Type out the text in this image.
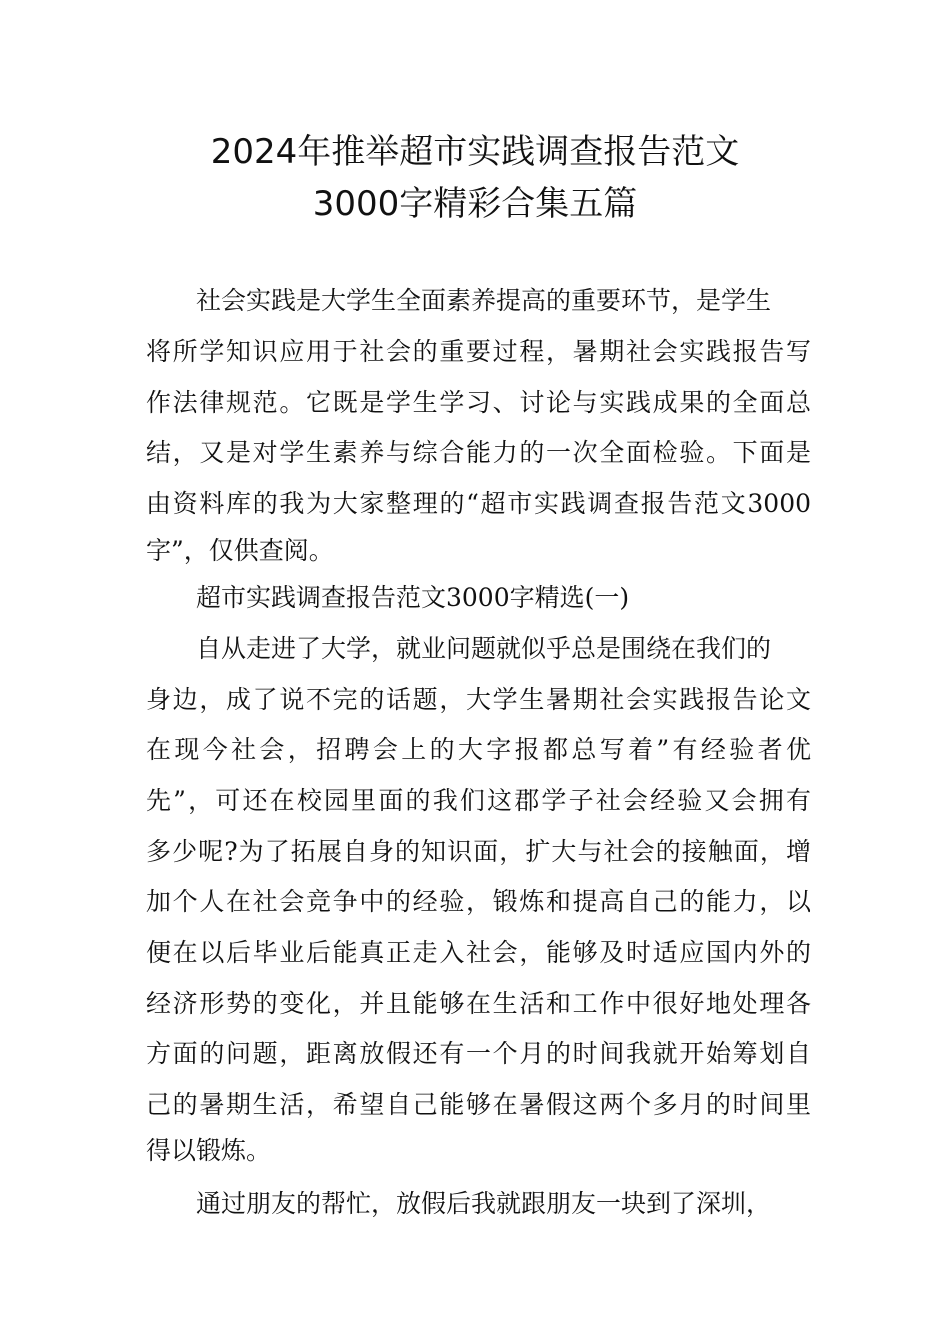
2024年推举超市实践调查报告范文
3000字精彩合集五篇

社会实践是大学生全面素养提高的重要环节，是学生

将所学知识应用于社会的重要过程，暑期社会实践报告写

作法律规范。它既是学生学习、讨论与实践成果的全面总

结，又是对学生素养与综合能力的一次全面检验。下面是

由资料库的我为大家整理的“超市实践调查报告范文3000

字”，仅供查阅。

超市实践调查报告范文3000字精选(一)

自从走进了大学，就业问题就似乎总是围绕在我们的

身边，成了说不完的话题，大学生暑期社会实践报告论文

在现今社会，招聘会上的大字报都总写着”有经验者优

先”，可还在校园里面的我们这郡学子社会经验又会拥有

多少呢?为了拓展自身的知识面，扩大与社会的接触面，增

加个人在社会竞争中的经验，锻炼和提高自己的能力，以

便在以后毕业后能真正走入社会，能够及时适应国内外的

经济形势的变化，并且能够在生活和工作中很好地处理各

方面的问题，距离放假还有一个月的时间我就开始筹划自

己的暑期生活，希望自己能够在暑假这两个多月的时间里

得以锻炼。

通过朋友的帮忙，放假后我就跟朋友一块到了深圳，
